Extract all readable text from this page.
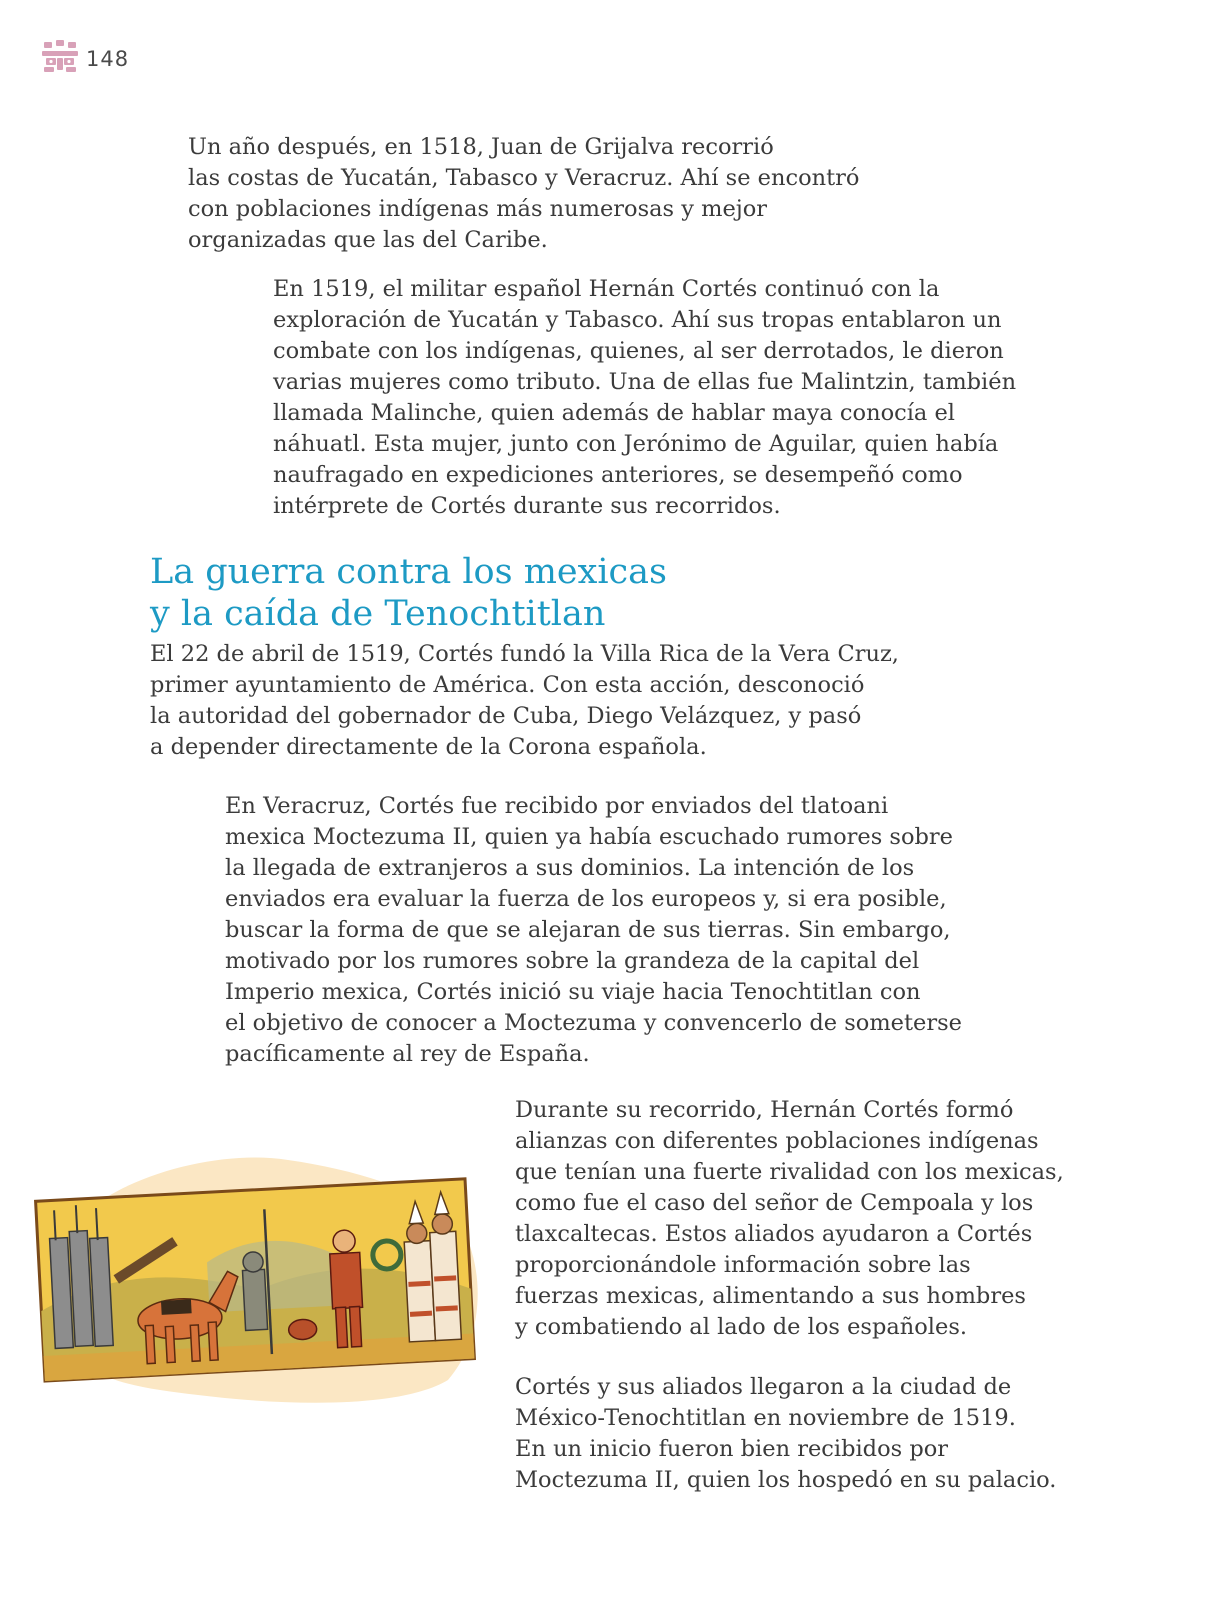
148

Un año después, en 1518, Juan de Grijalva recorrió
las costas de Yucatán, Tabasco y Veracruz. Ahí se encontró
con poblaciones indígenas más numerosas y mejor
organizadas que las del Caribe.

En 1519, el militar español Hernán Cortés continuó con la
exploración de Yucatán y Tabasco. Ahí sus tropas entablaron un
combate con los indígenas, quienes, al ser derrotados, le dieron
varias mujeres como tributo. Una de ellas fue Malintzin, también
llamada Malinche, quien además de hablar maya conocía el
náhuatl. Esta mujer, junto con Jerónimo de Aguilar, quien había
naufragado en expediciones anteriores, se desempeñó como
intérprete de Cortés durante sus recorridos.

La guerra contra los mexicas
y la caída de Tenochtitlan

El 22 de abril de 1519, Cortés fundó la Villa Rica de la Vera Cruz,
primer ayuntamiento de América. Con esta acción, desconoció
la autoridad del gobernador de Cuba, Diego Velázquez, y pasó
a depender directamente de la Corona española.

En Veracruz, Cortés fue recibido por enviados del tlatoani
mexica Moctezuma II, quien ya había escuchado rumores sobre
la llegada de extranjeros a sus dominios. La intención de los
enviados era evaluar la fuerza de los europeos y, si era posible,
buscar la forma de que se alejaran de sus tierras. Sin embargo,
motivado por los rumores sobre la grandeza de la capital del
Imperio mexica, Cortés inició su viaje hacia Tenochtitlan con
el objetivo de conocer a Moctezuma y convencerlo de someterse
pacíficamente al rey de España.

Durante su recorrido, Hernán Cortés formó
alianzas con diferentes poblaciones indígenas
que tenían una fuerte rivalidad con los mexicas,
como fue el caso del señor de Cempoala y los
tlaxcaltecas. Estos aliados ayudaron a Cortés
proporcionándole información sobre las
fuerzas mexicas, alimentando a sus hombres
y combatiendo al lado de los españoles.

Cortés y sus aliados llegaron a la ciudad de
México-Tenochtitlan en noviembre de 1519.
En un inicio fueron bien recibidos por
Moctezuma II, quien los hospedó en su palacio.
